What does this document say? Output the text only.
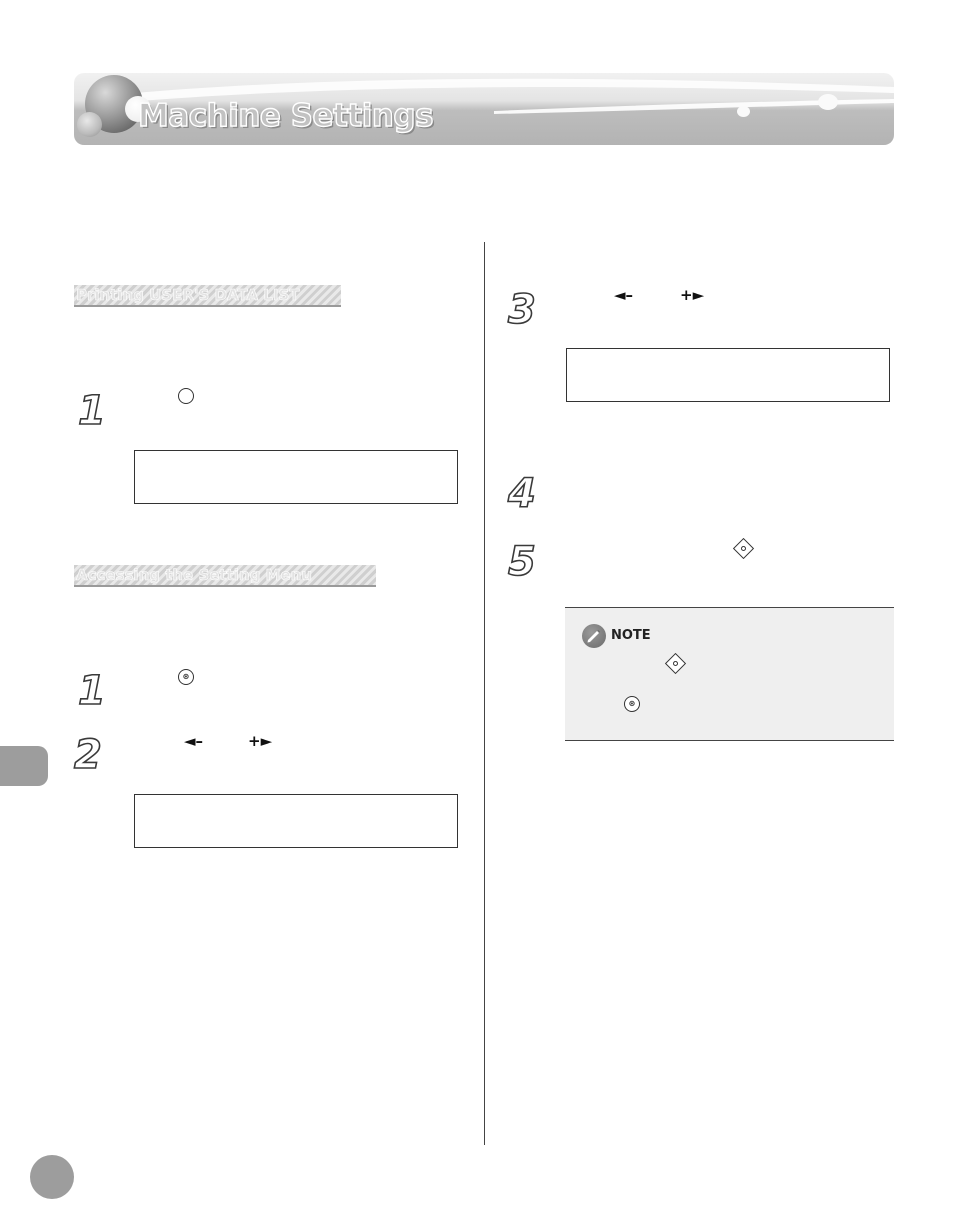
Machine Settings
Printing USER'S DATA LIST
1
Accessing the Setting Menu
1	⊛
2	◄–	+►
3	◄–	+►
4
5
NOTE
⊛
